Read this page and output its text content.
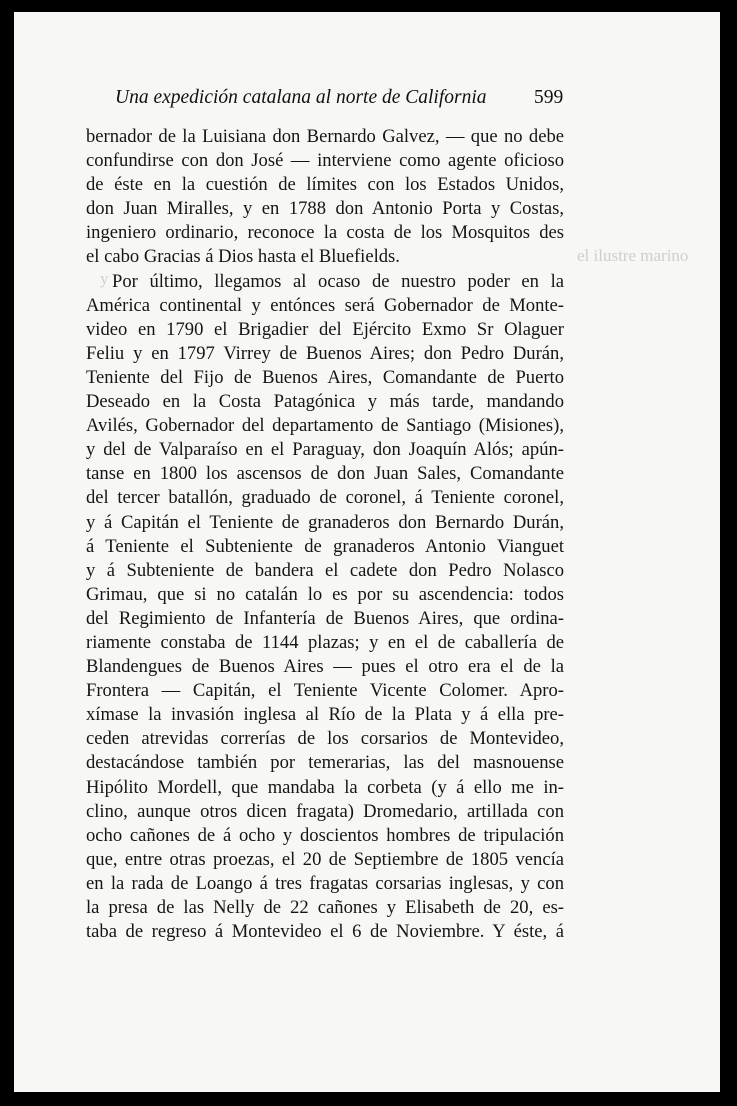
Una expedición catalana al norte de California 599
el ilustre marino
y
bernador de la Luisiana don Bernardo Galvez, — que no debe
confundirse con don José — interviene como agente oficioso
de éste en la cuestión de límites con los Estados Unidos,
don Juan Miralles, y en 1788 don Antonio Porta y Costas,
ingeniero ordinario, reconoce la costa de los Mosquitos des
el cabo Gracias á Dios hasta el Bluefields.
Por último, llegamos al ocaso de nuestro poder en la
América continental y entónces será Gobernador de Monte-
video en 1790 el Brigadier del Ejército Exmo Sr Olaguer
Feliu y en 1797 Virrey de Buenos Aires; don Pedro Durán,
Teniente del Fijo de Buenos Aires, Comandante de Puerto
Deseado en la Costa Patagónica y más tarde, mandando
Avilés, Gobernador del departamento de Santiago (Misiones),
y del de Valparaíso en el Paraguay, don Joaquín Alós; apún-
tanse en 1800 los ascensos de don Juan Sales, Comandante
del tercer batallón, graduado de coronel, á Teniente coronel,
y á Capitán el Teniente de granaderos don Bernardo Durán,
á Teniente el Subteniente de granaderos Antonio Vianguet
y á Subteniente de bandera el cadete don Pedro Nolasco
Grimau, que si no catalán lo es por su ascendencia: todos
del Regimiento de Infantería de Buenos Aires, que ordina-
riamente constaba de 1144 plazas; y en el de caballería de
Blandengues de Buenos Aires — pues el otro era el de la
Frontera — Capitán, el Teniente Vicente Colomer. Apro-
xímase la invasión inglesa al Río de la Plata y á ella pre-
ceden atrevidas correrías de los corsarios de Montevideo,
destacándose también por temerarias, las del masnouense
Hipólito Mordell, que mandaba la corbeta (y á ello me in-
clino, aunque otros dicen fragata) Dromedario, artillada con
ocho cañones de á ocho y doscientos hombres de tripulación
que, entre otras proezas, el 20 de Septiembre de 1805 vencía
en la rada de Loango á tres fragatas corsarias inglesas, y con
la presa de las Nelly de 22 cañones y Elisabeth de 20, es-
taba de regreso á Montevideo el 6 de Noviembre. Y éste, á
